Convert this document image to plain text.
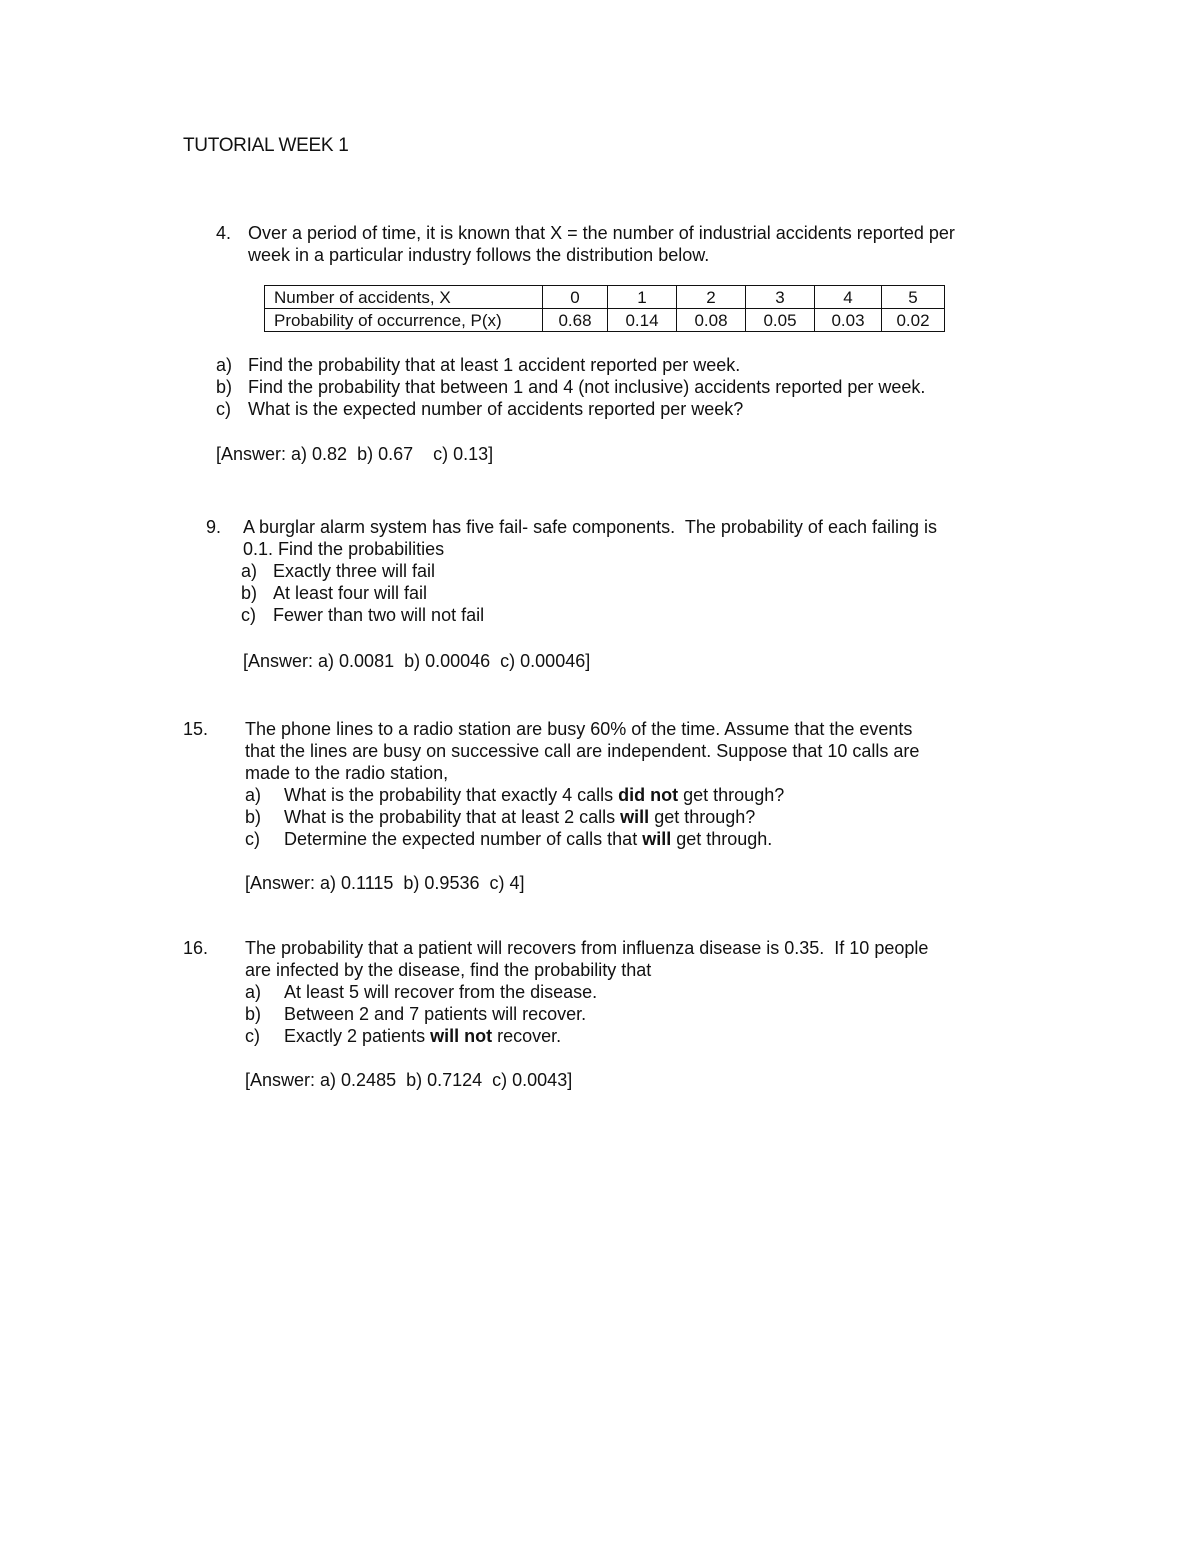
TUTORIAL WEEK 1
4. Over a period of time, it is known that X = the number of industrial accidents reported per
week in a particular industry follows the distribution below.
Number of accidents, X	0	1	2	3	4	5
Probability of occurrence, P(x)	0.68	0.14	0.08	0.05	0.03	0.02
a) Find the probability that at least 1 accident reported per week.
b) Find the probability that between 1 and 4 (not inclusive) accidents reported per week.
c) What is the expected number of accidents reported per week?
[Answer: a) 0.82  b) 0.67    c) 0.13]
9. A burglar alarm system has five fail- safe components.  The probability of each failing is
0.1. Find the probabilities
a) Exactly three will fail
b) At least four will fail
c) Fewer than two will not fail
[Answer: a) 0.0081  b) 0.00046  c) 0.00046]
15. The phone lines to a radio station are busy 60% of the time. Assume that the events
that the lines are busy on successive call are independent. Suppose that 10 calls are
made to the radio station,
a) What is the probability that exactly 4 calls did not get through?
b) What is the probability that at least 2 calls will get through?
c) Determine the expected number of calls that will get through.
[Answer: a) 0.1115  b) 0.9536  c) 4]
16. The probability that a patient will recovers from influenza disease is 0.35.  If 10 people
are infected by the disease, find the probability that
a) At least 5 will recover from the disease.
b) Between 2 and 7 patients will recover.
c) Exactly 2 patients will not recover.
[Answer: a) 0.2485  b) 0.7124  c) 0.0043]
